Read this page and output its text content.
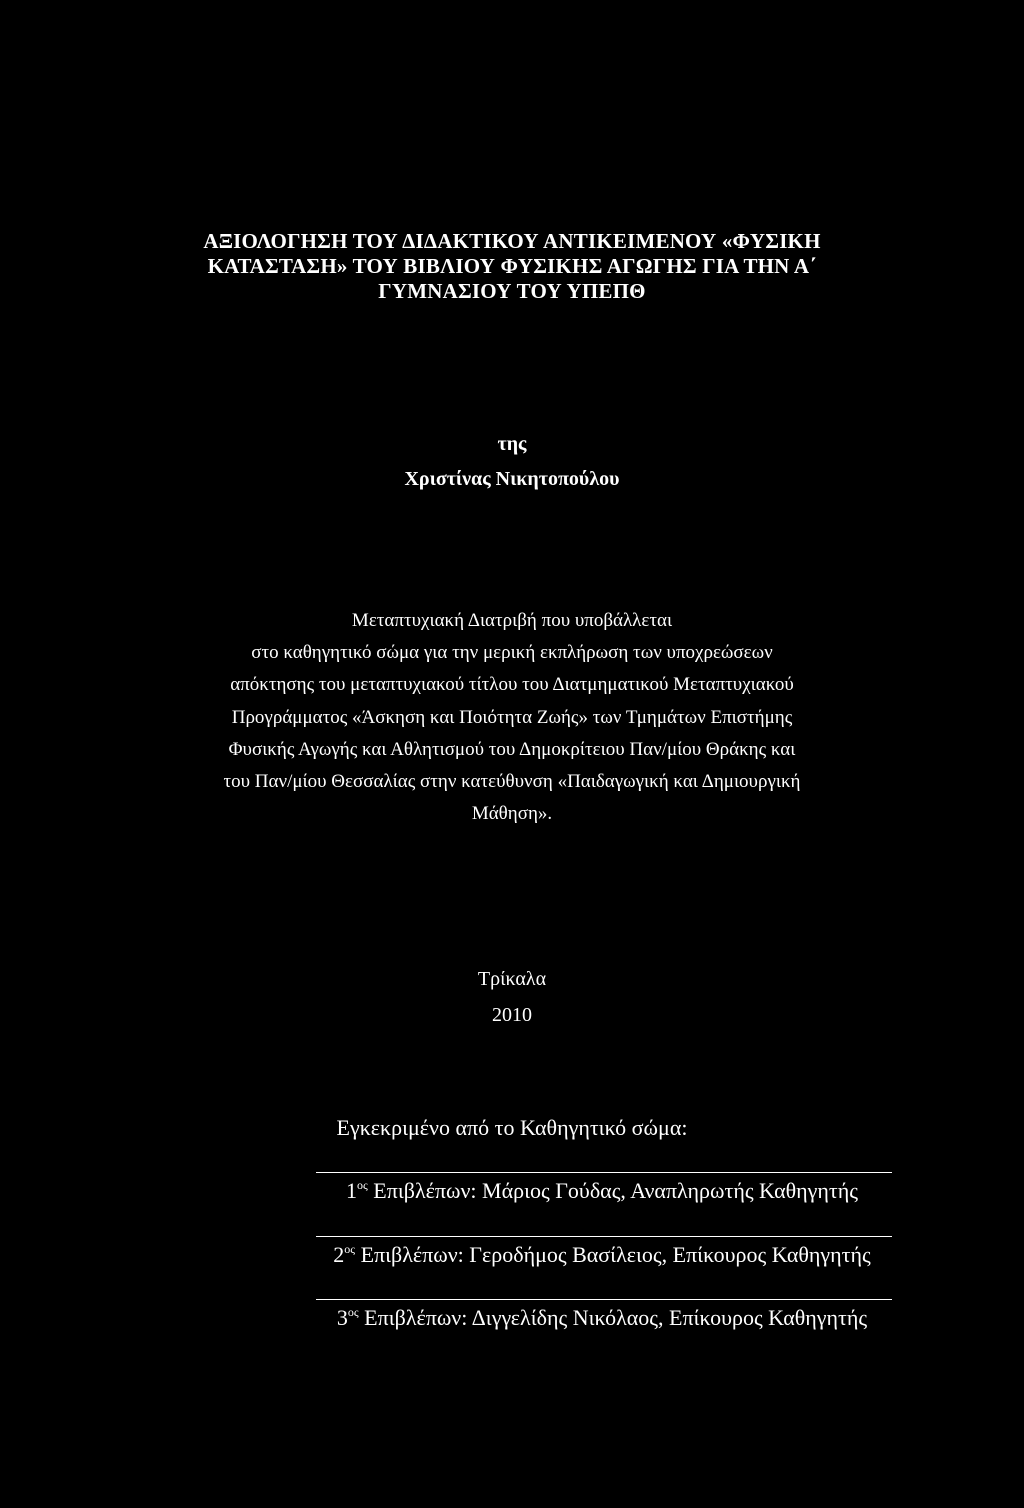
ΑΞΙΟΛΟΓΗΣΗ ΤΟΥ ΔΙΔΑΚΤΙΚΟΥ ΑΝΤΙΚΕΙΜΕΝΟΥ «ΦΥΣΙΚΗ
ΚΑΤΑΣΤΑΣΗ» ΤΟΥ ΒΙΒΛΙΟΥ ΦΥΣΙΚΗΣ ΑΓΩΓΗΣ ΓΙΑ ΤΗΝ Α΄
ΓΥΜΝΑΣΙΟΥ ΤΟΥ ΥΠΕΠΘ
της
Χριστίνας Νικητοπούλου
Μεταπτυχιακή Διατριβή που υποβάλλεται
στο καθηγητικό σώμα για την μερική εκπλήρωση των υποχρεώσεων
απόκτησης του μεταπτυχιακού τίτλου του Διατμηματικού Μεταπτυχιακού
Προγράμματος «Άσκηση και Ποιότητα Ζωής» των Τμημάτων Επιστήμης
Φυσικής Αγωγής και Αθλητισμού του Δημοκρίτειου Παν/μίου Θράκης και
του Παν/μίου Θεσσαλίας στην κατεύθυνση «Παιδαγωγική και Δημιουργική
Μάθηση».
Τρίκαλα
2010
Εγκεκριμένο από το Καθηγητικό σώμα:
$1^{o\varsigma}$ Επιβλέπων: Μάριος Γούδας, Αναπληρωτής Καθηγητής
$2^{o\varsigma}$ Επιβλέπων: Γεροδήμος Βασίλειος, Επίκουρος Καθηγητής
$3^{o\varsigma}$ Επιβλέπων: Διγγελίδης Νικόλαος, Επίκουρος Καθηγητής
